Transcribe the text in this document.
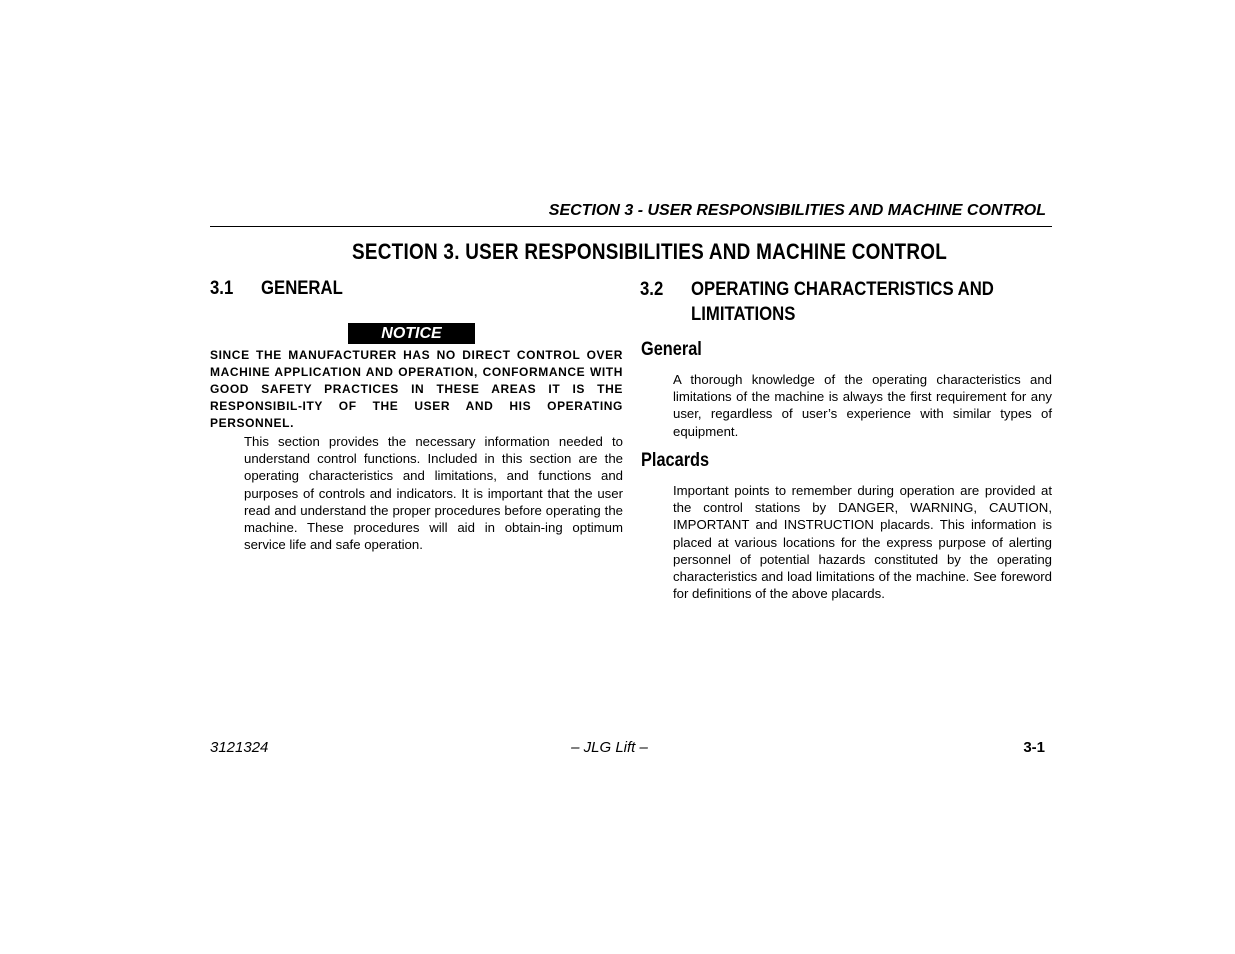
SECTION 3 - USER RESPONSIBILITIES AND MACHINE CONTROL
SECTION 3. USER RESPONSIBILITIES AND MACHINE CONTROL
3.1 GENERAL
NOTICE
SINCE THE MANUFACTURER HAS NO DIRECT CONTROL OVER MACHINE APPLICATION AND OPERATION, CONFORMANCE WITH GOOD SAFETY PRACTICES IN THESE AREAS IT IS THE RESPONSIBIL-ITY OF THE USER AND HIS OPERATING PERSONNEL.
This section provides the necessary information needed to understand control functions. Included in this section are the operating characteristics and limitations, and functions and purposes of controls and indicators. It is important that the user read and understand the proper procedures before operating the machine. These procedures will aid in obtain-ing optimum service life and safe operation.
3.2 OPERATING CHARACTERISTICS AND
LIMITATIONS
General
A thorough knowledge of the operating characteristics and limitations of the machine is always the first requirement for any user, regardless of user’s experience with similar types of equipment.
Placards
Important points to remember during operation are provided at the control stations by DANGER, WARNING, CAUTION, IMPORTANT and INSTRUCTION placards. This information is placed at various locations for the express purpose of alerting personnel of potential hazards constituted by the operating characteristics and load limitations of the machine. See foreword for definitions of the above placards.
3121324	– JLG Lift –	3-1
